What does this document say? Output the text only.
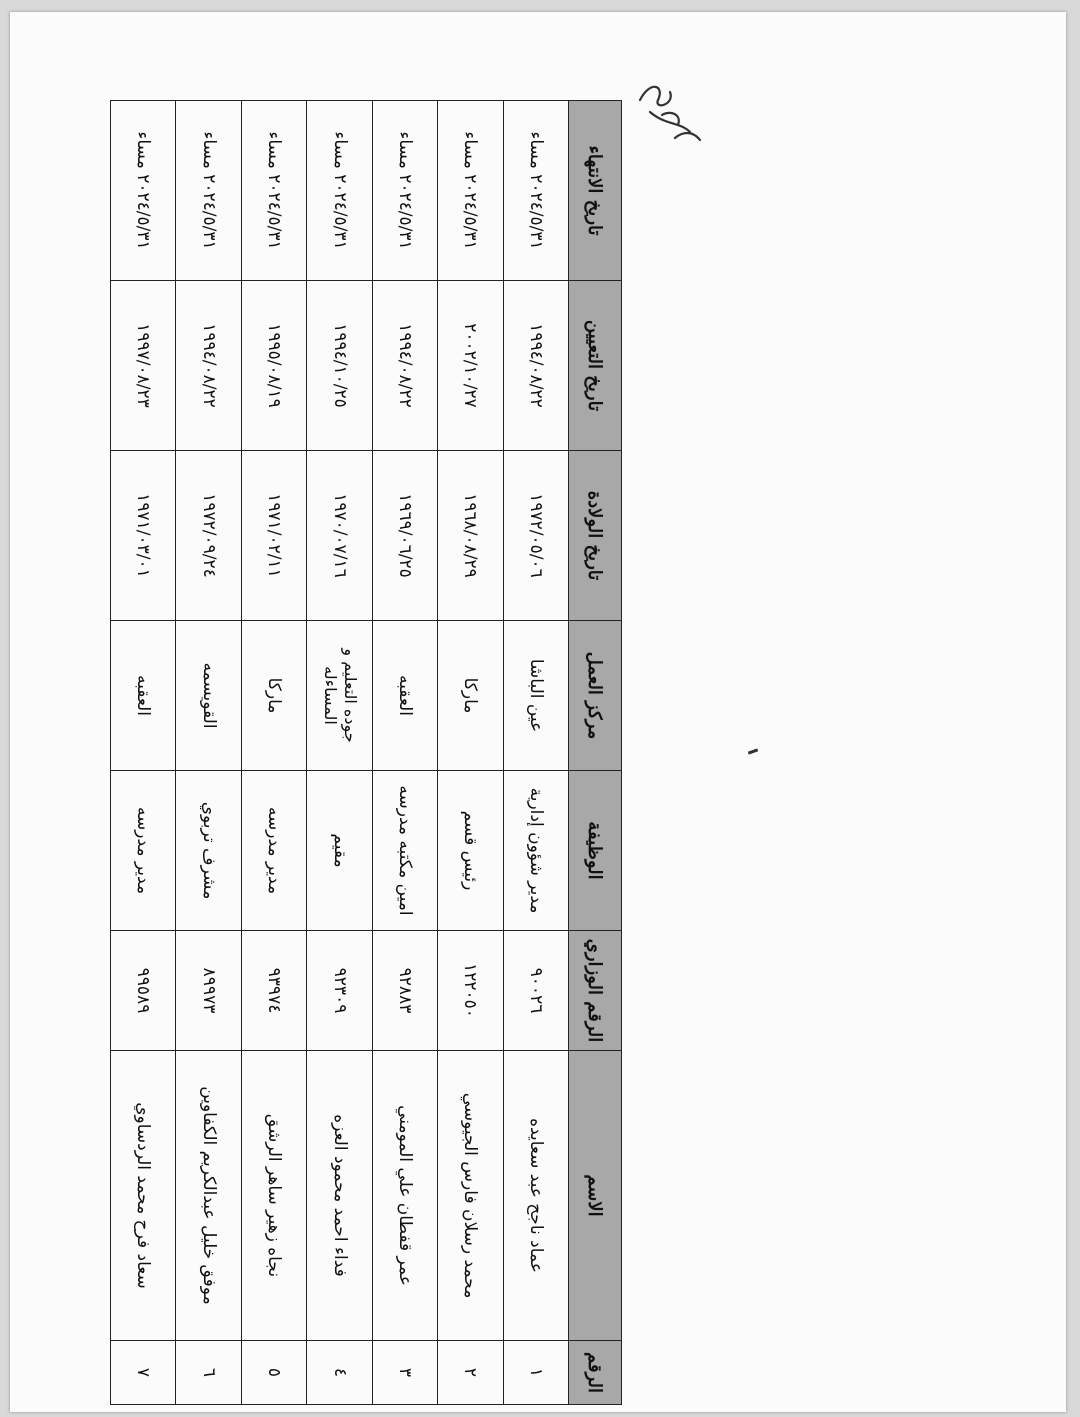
الرقم	الاسم	الرقم الوزاري	الوظيفة	مركز العمل	تاريخ الولادة	تاريخ التعيين	تاريخ الانتهاء
١	عماد ناجح عبد سعايده	٩٠٠٢٦	مدير شؤون إدارية	عين الباشا	١٩٧٢/٠٥/٠٦	١٩٩٤/٠٨/٢٢	٢٠٢٤/٥/٣١ مساء
٢	محمد رسلان فارس الجيوسي	١٢٢٠٥٠	رئيس قسم	ماركا	١٩٦٨/٠٨/٢٩	٢٠٠٢/١٠/٢٧	٢٠٢٤/٥/٣١ مساء
٣	عمر قفطان علي المومني	٩٢٨٨٣	امين مكتبه مدرسه	العقبه	١٩٦٩/٠٦/٢٥	١٩٩٤/٠٨/٢٢	٢٠٢٤/٥/٣١ مساء
٤	فداء احمد محمود العزه	٩٢٣٠٩	مقيم	جوده التعليم و المساءله	١٩٧٠/٠٧/١٦	١٩٩٤/١٠/٢٥	٢٠٢٤/٥/٣١ مساء
٥	نجاه زهير ساهر الرشق	٩٣٩٧٤	مدير مدرسه	ماركا	١٩٧١/٠٢/١١	١٩٩٥/٠٨/١٩	٢٠٢٤/٥/٣١ مساء
٦	موفق خليل عبدالكريم الكفاوين	٨٩٩٧٣	مشرف تربوي	القويسمه	١٩٧٢/٠٩/٢٤	١٩٩٤/٠٨/٢٢	٢٠٢٤/٥/٣١ مساء
٧	سعاد فرح محمد الردساوي	٩٩٥٨٩	مدير مدرسه	العقبه	١٩٧١/٠٣/٠١	١٩٩٧/٠٨/٢٣	٢٠٢٤/٥/٣١ مساء
